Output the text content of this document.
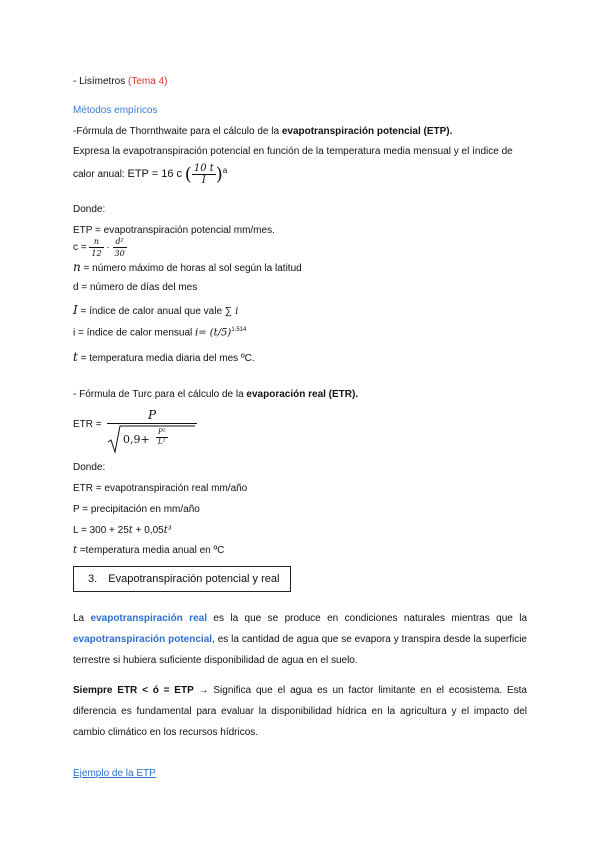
- Lisímetros (Tema 4)
Métodos empíricos
-Fórmula de Thornthwaite para el cálculo de la evapotranspiración potencial (ETP).
Expresa la evapotranspiración potencial en función de la temperatura media mensual y el índice de
calor anual: ETP = 16 c ( $\frac{10 t}{I} )^a$
Donde:
ETP = evapotranspiración potencial mm/mes.
$c = \frac{n}{12} \cdot \frac{\text{d²}}{30}$
n = número máximo de horas al sol según la latitud
d = número de días del mes
I = índice de calor anual que vale ∑ i
i = índice de calor mensual $i= (t/5)^{1.514}$
t = temperatura media diaria del mes ºC.
- Fórmula de Turc para el cálculo de la evaporación real (ETR).
ETR =
P
$0,9+ \frac{\text{P²}}{\text{L²}}$
Donde:
ETR = evapotranspiración real mm/año
P = precipitación en mm/año
L = 300 + 25t + 0,05t³
t =temperatura media anual en ºC
3. Evapotranspiración potencial y real
La evapotranspiración real es la que se produce en condiciones naturales mientras que la evapotranspiración potencial, es la cantidad de agua que se evapora y transpira desde la superficie terrestre si hubiera suficiente disponibilidad de agua en el suelo.
Siempre ETR < ó = ETP → Significa que el agua es un factor limitante en el ecosistema. Esta diferencia es fundamental para evaluar la disponibilidad hídrica en la agricultura y el impacto del cambio climático en los recursos hídricos.
Ejemplo de la ETP
